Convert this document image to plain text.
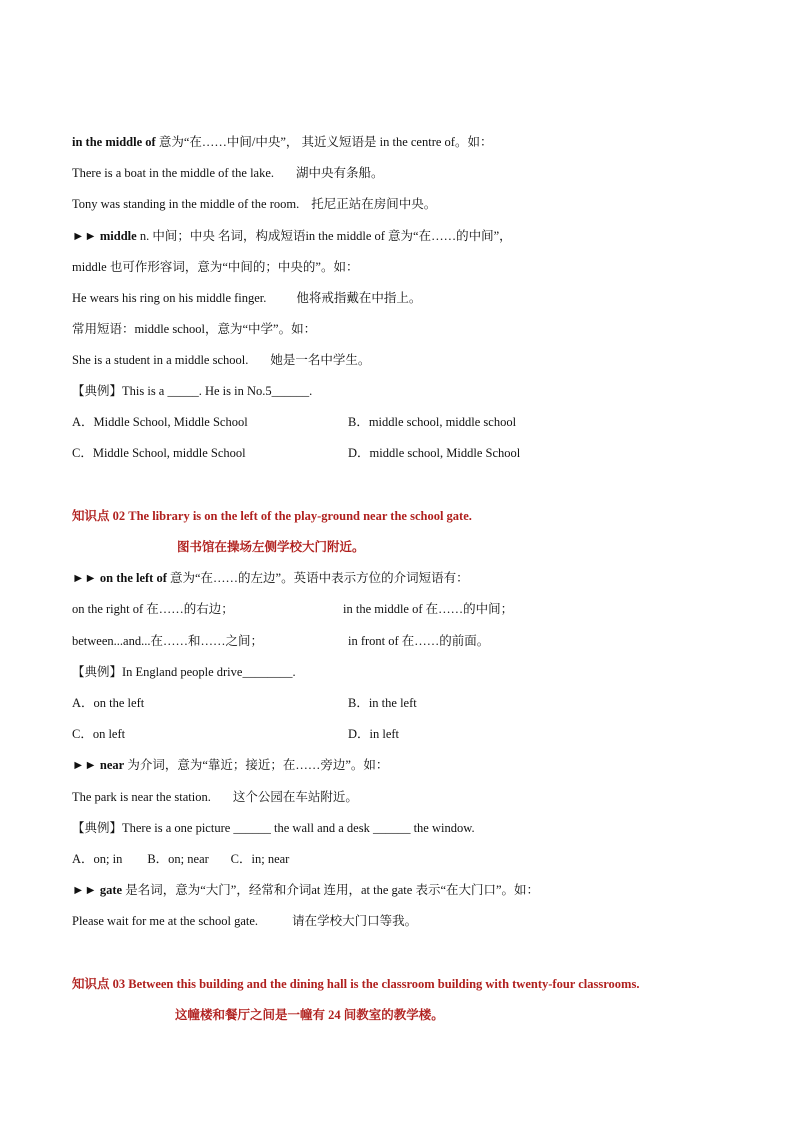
in the middle of 意为“在……中间/中央”， 其近义短语是 in the centre of。如：
There is a boat in the middle of the lake. 湖中央有条船。
Tony was standing in the middle of the room. 托尼正站在房间中央。
►► middle n. 中间；中央 名词，构成短语in the middle of 意为“在……的中间”，
middle 也可作形容词，意为“中间的；中央的”。如：
He wears his ring on his middle finger. 他将戒指戴在中指上。
常用短语：middle school，意为“中学”。如：
She is a student in a middle school. 她是一名中学生。
【典例】This is a _____. He is in No.5______.
A．Middle School, Middle School	B．middle school, middle school
C．Middle School, middle School	D．middle school, Middle School
知识点 02 The library is on the left of the play-ground near the school gate.
图书馆在操场左侧学校大门附近。
►► on the left of 意为“在……的左边”。英语中表示方位的介词短语有：
on the right of 在……的右边；	in the middle of 在……的中间；
between...and...在……和……之间；	in front of 在……的前面。
【典例】In England people drive________.
A．on the left	B．in the left
C．on left	D．in left
►► near 为介词，意为“靠近；接近；在……旁边”。如：
The park is near the station. 这个公园在车站附近。
【典例】There is a one picture ______ the wall and a desk ______ the window.
A．on; in        B．on; near       C．in; near
►► gate 是名词，意为“大门”，经常和介词at 连用，at the gate 表示“在大门口”。如：
Please wait for me at the school gate.	请在学校大门口等我。
知识点 03 Between this building and the dining hall is the classroom building with twenty-four classrooms.
这幢楼和餐厅之间是一幢有 24 间教室的教学楼。
